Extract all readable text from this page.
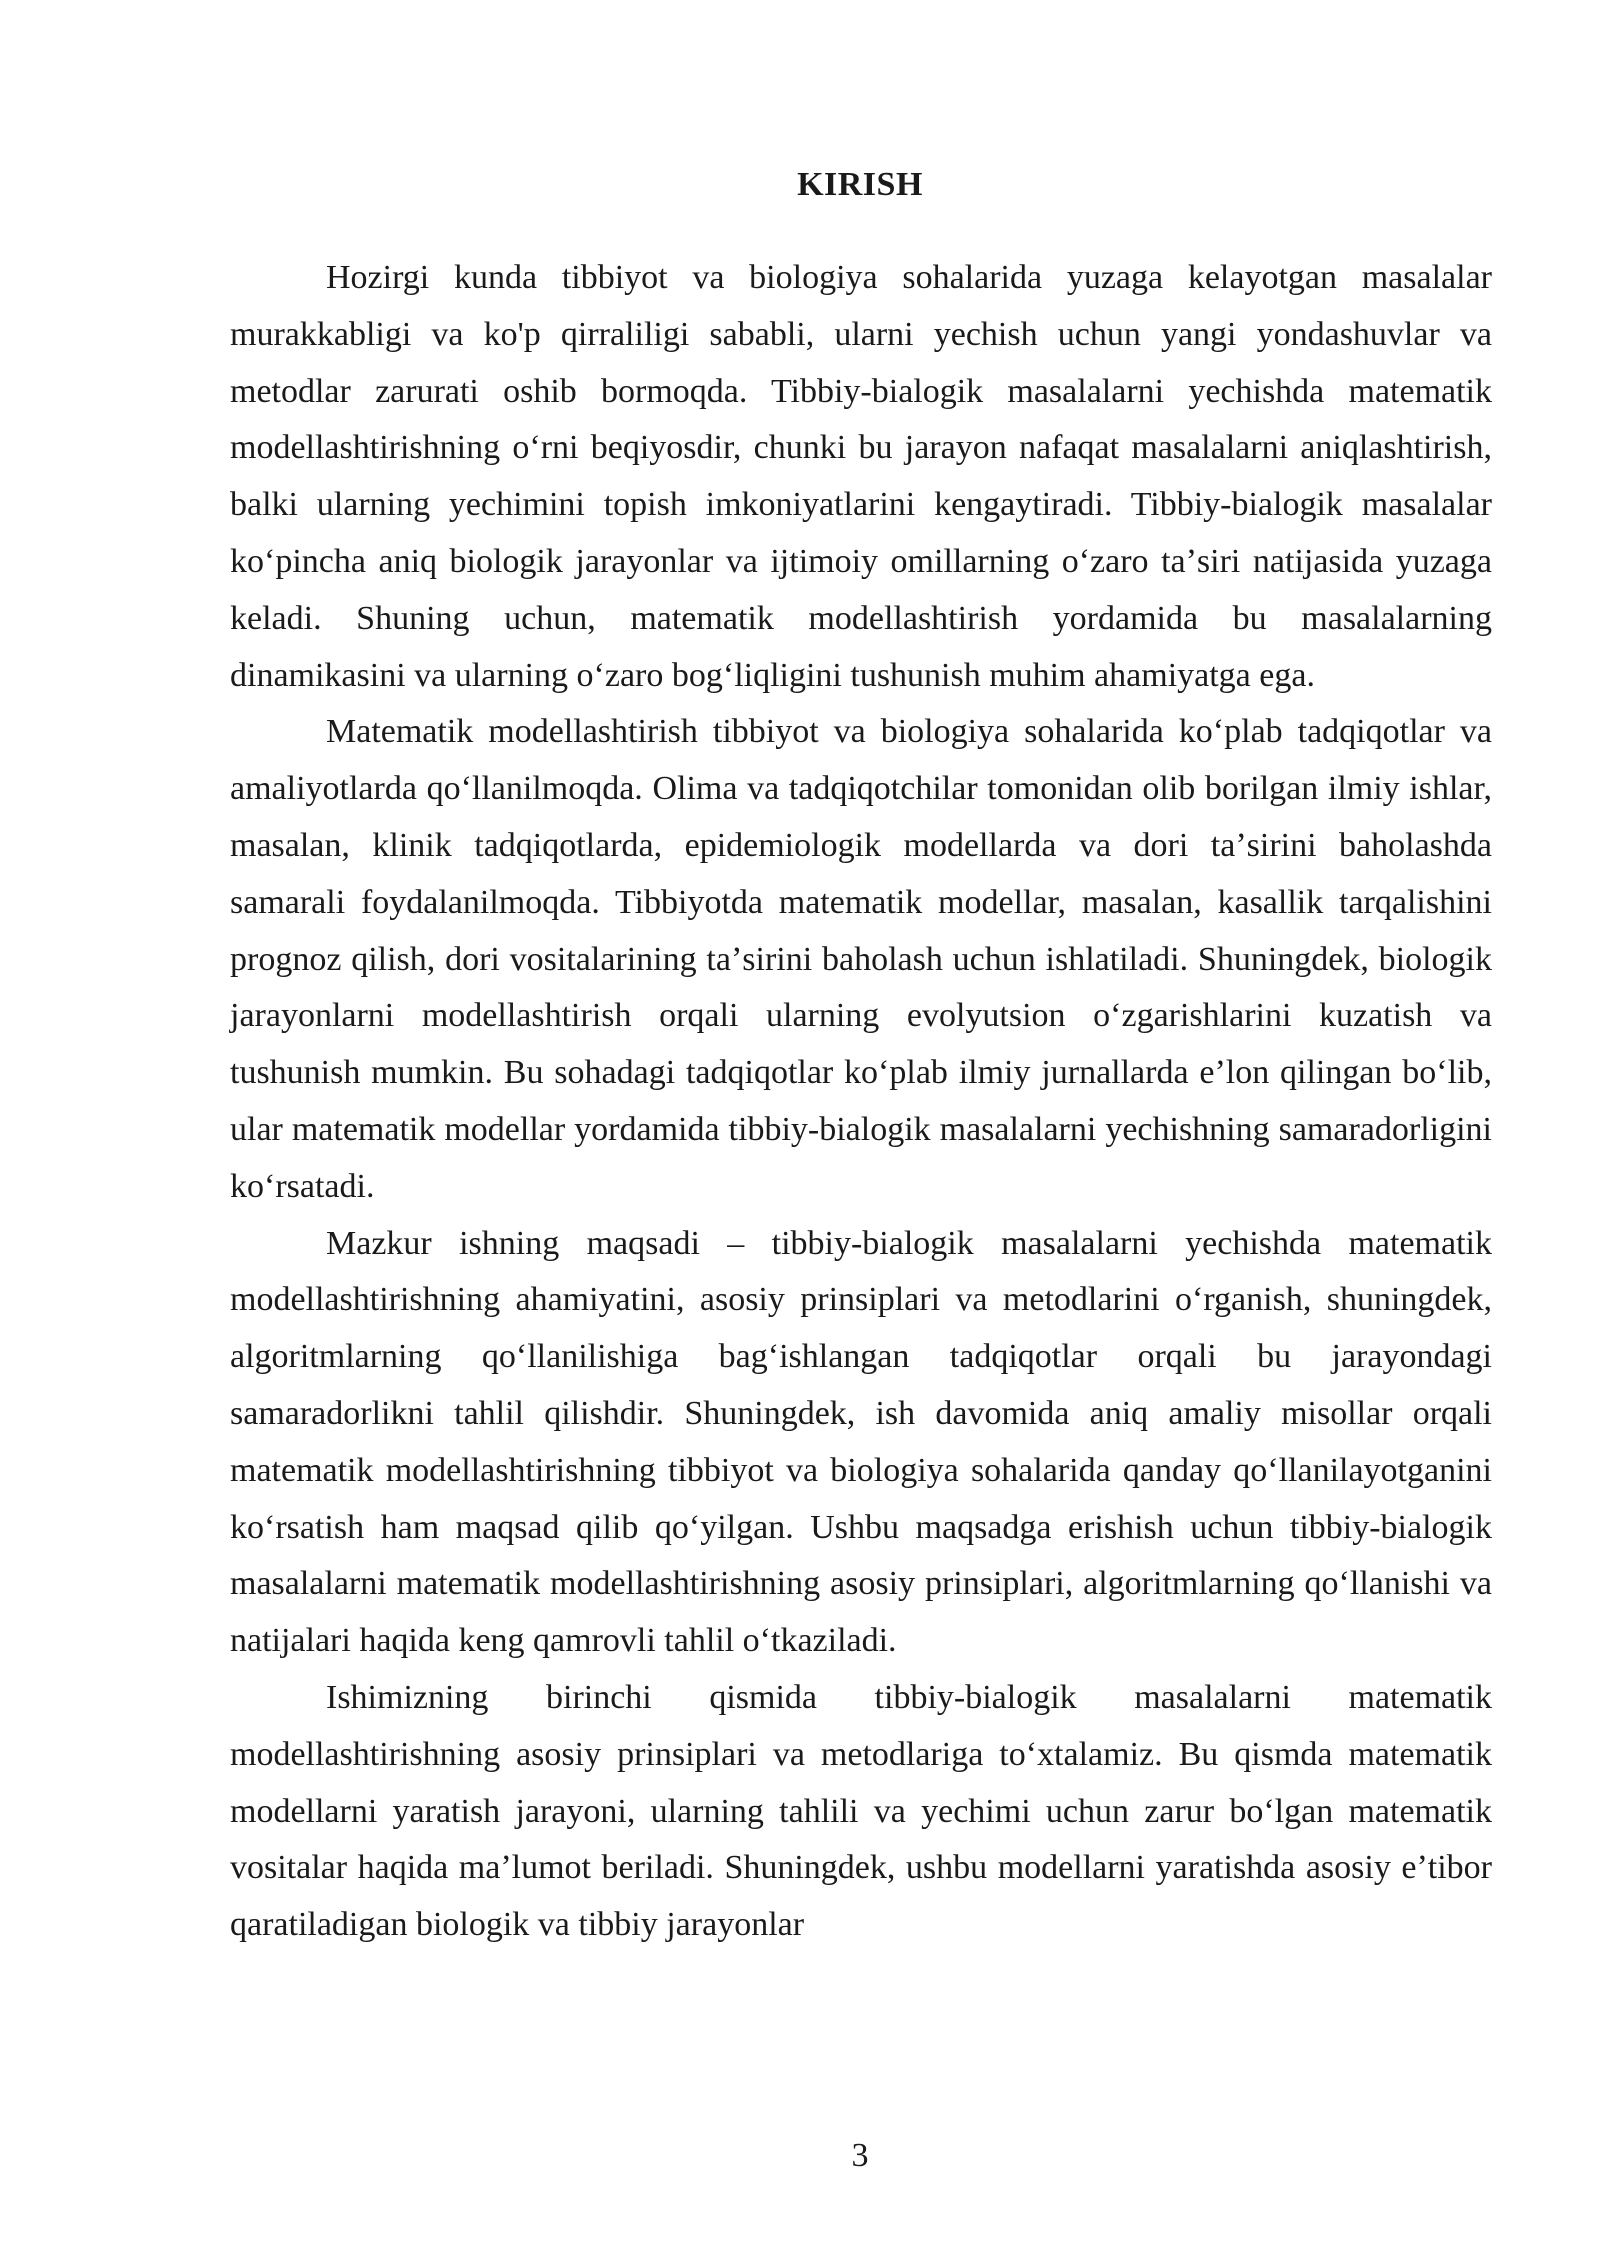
KIRISH

Hozirgi kunda tibbiyot va biologiya sohalarida yuzaga kelayotgan masalalar murakkabligi va ko'p qirraliligi sababli, ularni yechish uchun yangi yondashuvlar va metodlar zarurati oshib bormoqda. Tibbiy-bialogik masalalarni yechishda matematik modellashtirishning oʻrni beqiyosdir, chunki bu jarayon nafaqat masalalarni aniqlashtirish, balki ularning yechimini topish imkoniyatlarini kengaytiradi. Tibbiy-bialogik masalalar koʻpincha aniq biologik jarayonlar va ijtimoiy omillarning oʻzaro taʼsiri natijasida yuzaga keladi. Shuning uchun, matematik modellashtirish yordamida bu masalalarning dinamikasini va ularning oʻzaro bogʻliqligini tushunish muhim ahamiyatga ega.

Matematik modellashtirish tibbiyot va biologiya sohalarida koʻplab tadqiqotlar va amaliyotlarda qoʻllanilmoqda. Olima va tadqiqotchilar tomonidan olib borilgan ilmiy ishlar, masalan, klinik tadqiqotlarda, epidemiologik modellarda va dori taʼsirini baholashda samarali foydalanilmoqda. Tibbiyotda matematik modellar, masalan, kasallik tarqalishini prognoz qilish, dori vositalarining taʼsirini baholash uchun ishlatiladi. Shuningdek, biologik jarayonlarni modellashtirish orqali ularning evolyutsion oʻzgarishlarini kuzatish va tushunish mumkin. Bu sohadagi tadqiqotlar koʻplab ilmiy jurnallarda eʼlon qilingan boʻlib, ular matematik modellar yordamida tibbiy-bialogik masalalarni yechishning samaradorligini koʻrsatadi.

Mazkur ishning maqsadi – tibbiy-bialogik masalalarni yechishda matematik modellashtirishning ahamiyatini, asosiy prinsiplari va metodlarini oʻrganish, shuningdek, algoritmlarning qoʻllanilishiga bagʻishlangan tadqiqotlar orqali bu jarayondagi samaradorlikni tahlil qilishdir. Shuningdek, ish davomida aniq amaliy misollar orqali matematik modellashtirishning tibbiyot va biologiya sohalarida qanday qoʻllanilayotganini koʻrsatish ham maqsad qilib qoʻyilgan. Ushbu maqsadga erishish uchun tibbiy-bialogik masalalarni matematik modellashtirishning asosiy prinsiplari, algoritmlarning qoʻllanishi va natijalari haqida keng qamrovli tahlil oʻtkaziladi.

Ishimizning birinchi qismida tibbiy-bialogik masalalarni matematik modellashtirishning asosiy prinsiplari va metodlariga toʻxtalamiz. Bu qismda matematik modellarni yaratish jarayoni, ularning tahlili va yechimi uchun zarur boʻlgan matematik vositalar haqida maʼlumot beriladi. Shuningdek, ushbu modellarni yaratishda asosiy eʼtibor qaratiladigan biologik va tibbiy jarayonlar

3
